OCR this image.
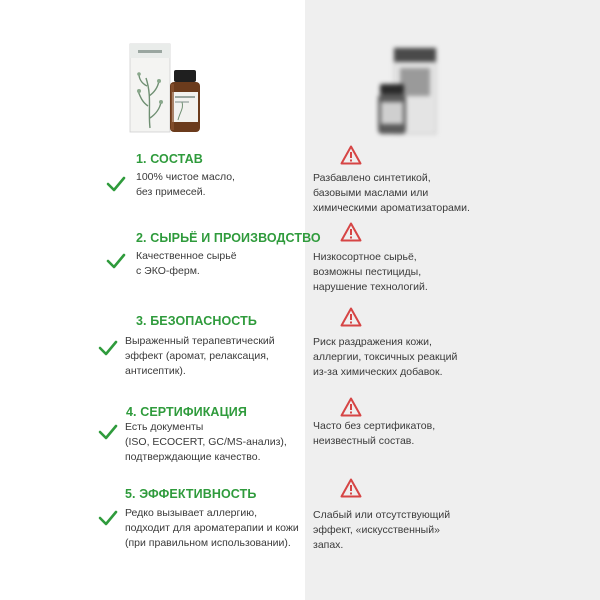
1. СОСТАВ
100% чистое масло,
без примесей.
2. СЫРЬЁ И ПРОИЗВОДСТВО
Качественное сырьё
с ЭКО-ферм.
3. БЕЗОПАСНОСТЬ
Выраженный терапевтический
эффект (аромат, релаксация,
антисептик).
4. СЕРТИФИКАЦИЯ
Есть документы
(ISO, ECOCERT, GC/MS-анализ),
подтверждающие качество.
5. ЭФФЕКТИВНОСТЬ
Редко вызывает аллергию,
подходит для ароматерапии и кожи
(при правильном использовании).
Разбавлено синтетикой,
базовыми маслами или
химическими ароматизаторами.
Низкосортное сырьё,
возможны пестициды,
нарушение технологий.
Риск раздражения кожи,
аллергии, токсичных реакций
из-за химических добавок.
Часто без сертификатов,
неизвестный состав.
Слабый или отсутствующий
эффект, «искусственный»
запах.
